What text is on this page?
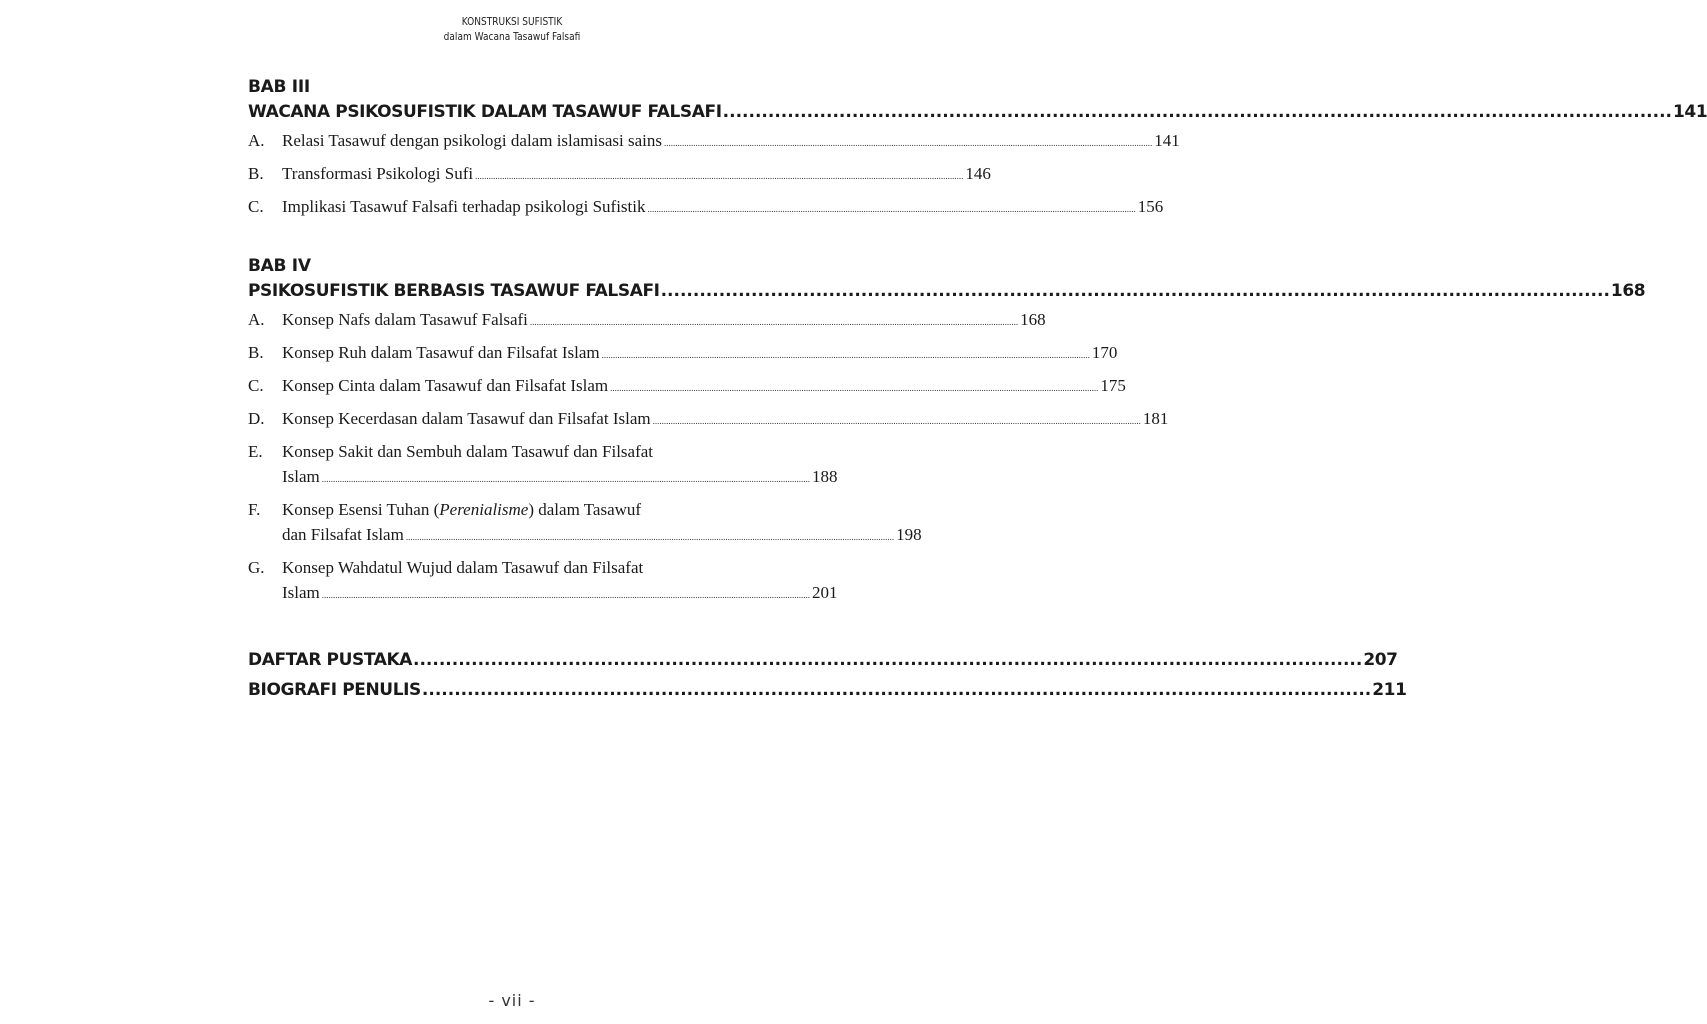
KONSTRUKSI SUFISTIK
dalam Wacana Tasawuf Falsafi
BAB III
WACANA PSIKOSUFISTIK DALAM TASAWUF FALSAFI .....	141
A.	Relasi Tasawuf dengan psikologi dalam islamisasi sains .....	141
B.	Transformasi Psikologi Sufi .....	146
C.	Implikasi Tasawuf Falsafi terhadap psikologi Sufistik .....	156
BAB IV
PSIKOSUFISTIK BERBASIS TASAWUF FALSAFI .....	168
A.	Konsep Nafs dalam Tasawuf Falsafi .....	168
B.	Konsep Ruh dalam Tasawuf dan Filsafat Islam .....	170
C.	Konsep Cinta dalam Tasawuf dan Filsafat Islam .....	175
D.	Konsep Kecerdasan dalam Tasawuf dan Filsafat Islam .....	181
E.	Konsep Sakit dan Sembuh dalam Tasawuf dan Filsafat
Islam .....	188
F.	Konsep Esensi Tuhan (Perenialisme) dalam Tasawuf
dan Filsafat Islam .....	198
G.	Konsep Wahdatul Wujud dalam Tasawuf dan Filsafat
Islam .....	201
DAFTAR PUSTAKA .....	207
BIOGRAFI PENULIS .....	211
- vii -
